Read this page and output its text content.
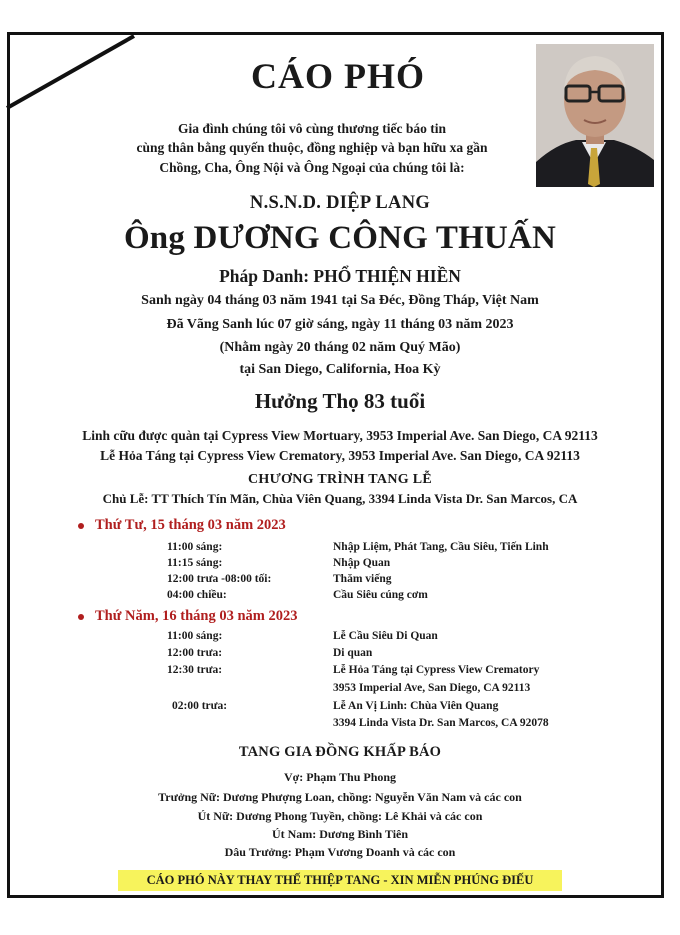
CÁO PHÓ
Gia đình chúng tôi vô cùng thương tiếc báo tin
cùng thân bằng quyến thuộc, đồng nghiệp và bạn hữu xa gần
Chồng, Cha, Ông Nội và Ông Ngoại của chúng tôi là:
N.S.N.D. DIỆP LANG
Ông DƯƠNG CÔNG THUẤN
Pháp Danh: PHỔ THIỆN HIỀN
Sanh ngày 04 tháng 03 năm 1941 tại Sa Đéc, Đồng Tháp, Việt Nam
Đã Vãng Sanh lúc 07 giờ sáng, ngày 11 tháng 03 năm 2023
(Nhằm ngày 20 tháng 02 năm Quý Mão)
tại San Diego, California, Hoa Kỳ
Hưởng Thọ 83 tuổi
Linh cữu được quàn tại Cypress View Mortuary, 3953 Imperial Ave. San Diego, CA 92113
Lễ Hỏa Táng tại Cypress View Crematory, 3953 Imperial Ave. San Diego, CA 92113
CHƯƠNG TRÌNH TANG LỄ
Chủ Lễ: TT Thích Tín Mãn, Chùa Viên Quang, 3394 Linda Vista Dr. San Marcos, CA
Thứ Tư, 15 tháng 03 năm 2023
11:00 sáng:	Nhập Liệm, Phát Tang, Cầu Siêu, Tiến Linh
11:15 sáng:	Nhập Quan
12:00 trưa -08:00 tối:	Thăm viếng
04:00 chiều:	Cầu Siêu cúng cơm
Thứ Năm, 16 tháng 03 năm 2023
11:00 sáng:	Lễ Cầu Siêu Di Quan
12:00 trưa:	Di quan
12:30 trưa:	Lễ Hỏa Táng tại Cypress View Crematory
3953 Imperial Ave, San Diego, CA 92113
02:00 trưa:	Lễ An Vị Linh: Chùa Viên Quang
3394 Linda Vista Dr. San Marcos, CA 92078
TANG GIA ĐỒNG KHẤP BÁO
Vợ: Phạm Thu Phong
Trưởng Nữ: Dương Phượng Loan, chồng: Nguyễn Văn Nam và các con
Út Nữ: Dương Phong Tuyền, chồng: Lê Khải và các con
Út Nam: Dương Bình Tiên
Dâu Trưởng: Phạm Vương Doanh và các con
CÁO PHÓ NÀY THAY THẾ THIỆP TANG - XIN MIỄN PHÚNG ĐIẾU
